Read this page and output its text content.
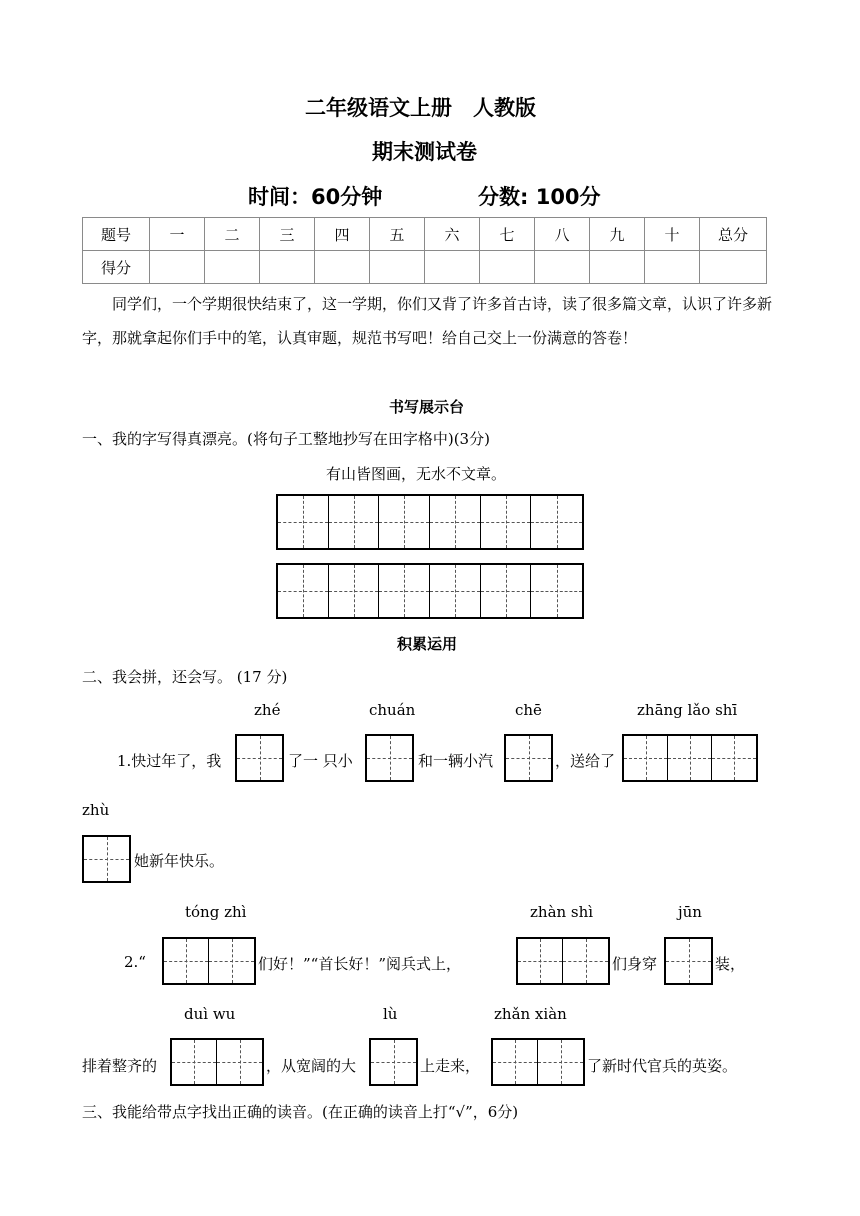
二年级语文上册　人教版
期末测试卷
时间：60分钟	分数: 100分
题号	一	二	三	四	五	六	七	八	九	十	总分
得分											
同学们，一个学期很快结束了，这一学期，你们又背了许多首古诗，读了很多篇文章，认识了许多新字，那就拿起你们手中的笔，认真审题，规范书写吧！给自己交上一份满意的答卷！
书写展示台
一、我的字写得真漂亮。(将句子工整地抄写在田字格中)(3分)
有山皆图画，无水不文章。
积累运用
二、我会拼，还会写。 (17 分)
zhé	chuán	chē	zhāng lǎo shī
1.快过年了，我	了一 只小	和一辆小汽	，送给了
zhù
她新年快乐。
tóng zhì	zhàn shì	jūn
2.“	们好！”“首长好！”阅兵式上，	们身穿	装，
duì wu	lù	zhǎn xiàn
排着整齐的	，从宽阔的大	上走来，	了新时代官兵的英姿。
三、我能给带点字找出正确的读音。(在正确的读音上打“√”，6分)
